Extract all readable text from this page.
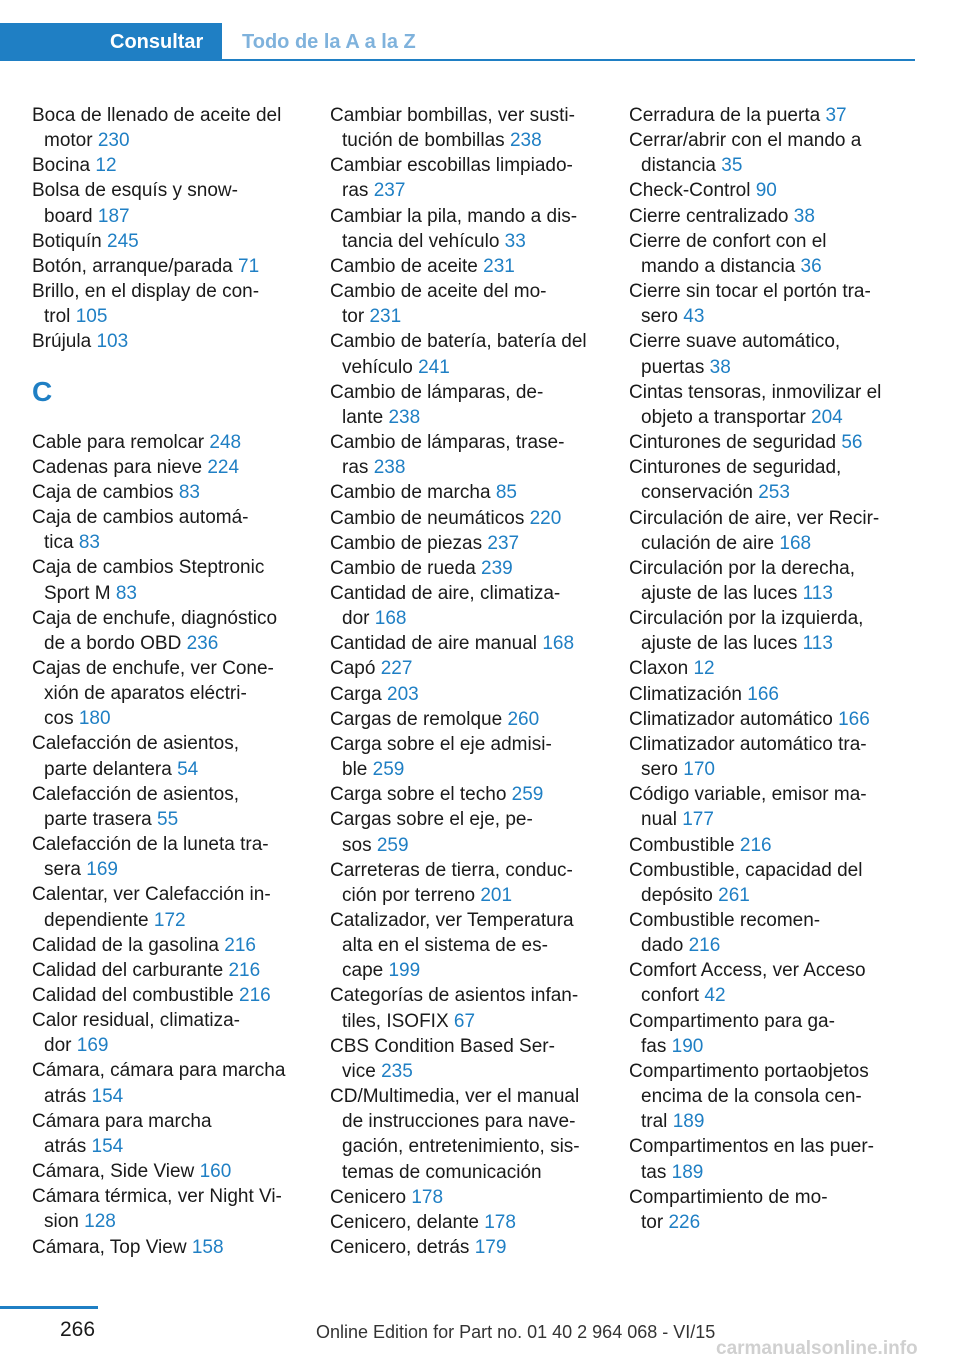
Consultar	Todo de la A a la Z
Boca de llenado de aceite del
motor 230
Bocina 12
Bolsa de esquís y snow-
board 187
Botiquín 245
Botón, arranque/parada 71
Brillo, en el display de con-
trol 105
Brújula 103
C
Cable para remolcar 248
Cadenas para nieve 224
Caja de cambios 83
Caja de cambios automá-
tica 83
Caja de cambios Steptronic
Sport M 83
Caja de enchufe, diagnóstico
de a bordo OBD 236
Cajas de enchufe, ver Cone-
xión de aparatos eléctri-
cos 180
Calefacción de asientos,
parte delantera 54
Calefacción de asientos,
parte trasera 55
Calefacción de la luneta tra-
sera 169
Calentar, ver Calefacción in-
dependiente 172
Calidad de la gasolina 216
Calidad del carburante 216
Calidad del combustible 216
Calor residual, climatiza-
dor 169
Cámara, cámara para marcha
atrás 154
Cámara para marcha
atrás 154
Cámara, Side View 160
Cámara térmica, ver Night Vi-
sion 128
Cámara, Top View 158
Cambiar bombillas, ver susti-
tución de bombillas 238
Cambiar escobillas limpiado-
ras 237
Cambiar la pila, mando a dis-
tancia del vehículo 33
Cambio de aceite 231
Cambio de aceite del mo-
tor 231
Cambio de batería, batería del
vehículo 241
Cambio de lámparas, de-
lante 238
Cambio de lámparas, trase-
ras 238
Cambio de marcha 85
Cambio de neumáticos 220
Cambio de piezas 237
Cambio de rueda 239
Cantidad de aire, climatiza-
dor 168
Cantidad de aire manual 168
Capó 227
Carga 203
Cargas de remolque 260
Carga sobre el eje admisi-
ble 259
Carga sobre el techo 259
Cargas sobre el eje, pe-
sos 259
Carreteras de tierra, conduc-
ción por terreno 201
Catalizador, ver Temperatura
alta en el sistema de es-
cape 199
Categorías de asientos infan-
tiles, ISOFIX 67
CBS Condition Based Ser-
vice 235
CD/Multimedia, ver el manual
de instrucciones para nave-
gación, entretenimiento, sis-
temas de comunicación
Cenicero 178
Cenicero, delante 178
Cenicero, detrás 179
Cerradura de la puerta 37
Cerrar/abrir con el mando a
distancia 35
Check-Control 90
Cierre centralizado 38
Cierre de confort con el
mando a distancia 36
Cierre sin tocar el portón tra-
sero 43
Cierre suave automático,
puertas 38
Cintas tensoras, inmovilizar el
objeto a transportar 204
Cinturones de seguridad 56
Cinturones de seguridad,
conservación 253
Circulación de aire, ver Recir-
culación de aire 168
Circulación por la derecha,
ajuste de las luces 113
Circulación por la izquierda,
ajuste de las luces 113
Claxon 12
Climatización 166
Climatizador automático 166
Climatizador automático tra-
sero 170
Código variable, emisor ma-
nual 177
Combustible 216
Combustible, capacidad del
depósito 261
Combustible recomen-
dado 216
Comfort Access, ver Acceso
confort 42
Compartimento para ga-
fas 190
Compartimento portaobjetos
encima de la consola cen-
tral 189
Compartimentos en las puer-
tas 189
Compartimiento de mo-
tor 226
266	Online Edition for Part no. 01 40 2 964 068 - VI/15
carmanualsonline.info
